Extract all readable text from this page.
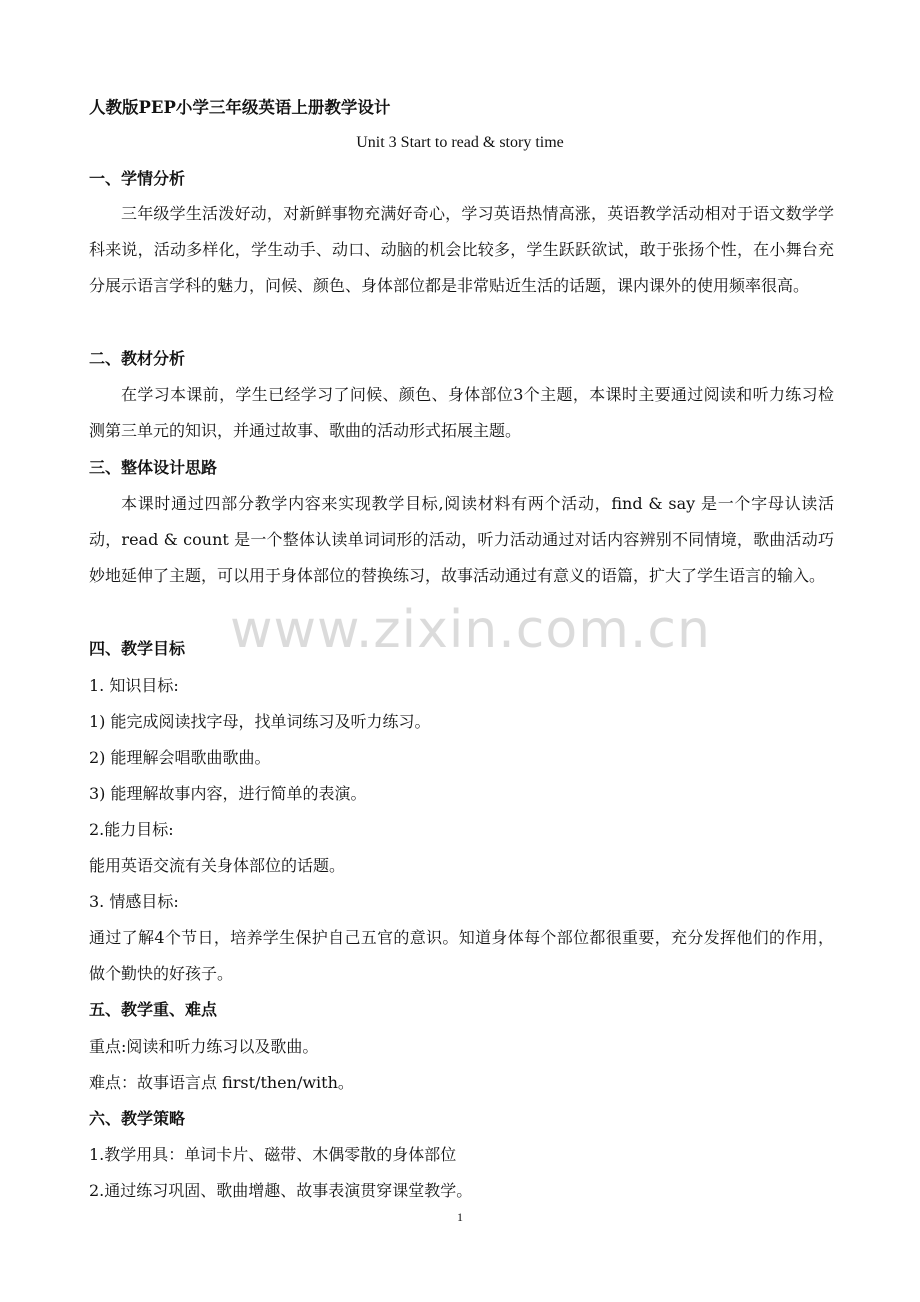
人教版PEP小学三年级英语上册教学设计

Unit 3 Start to read & story time

一、学情分析

三年级学生活泼好动，对新鲜事物充满好奇心，学习英语热情高涨，英语教学活动相对于语文数学学科来说，活动多样化，学生动手、动口、动脑的机会比较多，学生跃跃欲试，敢于张扬个性，在小舞台充分展示语言学科的魅力，问候、颜色、身体部位都是非常贴近生活的话题，课内课外的使用频率很高。

二、教材分析

在学习本课前，学生已经学习了问候、颜色、身体部位3个主题，本课时主要通过阅读和听力练习检测第三单元的知识，并通过故事、歌曲的活动形式拓展主题。

三、整体设计思路

本课时通过四部分教学内容来实现教学目标,阅读材料有两个活动，find & say 是一个字母认读活动，read & count 是一个整体认读单词词形的活动，听力活动通过对话内容辨别不同情境，歌曲活动巧妙地延伸了主题，可以用于身体部位的替换练习，故事活动通过有意义的语篇，扩大了学生语言的输入。

四、教学目标

1. 知识目标:

1) 能完成阅读找字母，找单词练习及听力练习。

2) 能理解会唱歌曲歌曲。

3) 能理解故事内容，进行简单的表演。

2.能力目标:

能用英语交流有关身体部位的话题。

3. 情感目标:

通过了解4个节日，培养学生保护自己五官的意识。知道身体每个部位都很重要，充分发挥他们的作用，做个勤快的好孩子。

五、教学重、难点

重点:阅读和听力练习以及歌曲。

难点：故事语言点 first/then/with。

六、教学策略

1.教学用具：单词卡片、磁带、木偶零散的身体部位

2.通过练习巩固、歌曲增趣、故事表演贯穿课堂教学。

www.zixin.com.cn
1
